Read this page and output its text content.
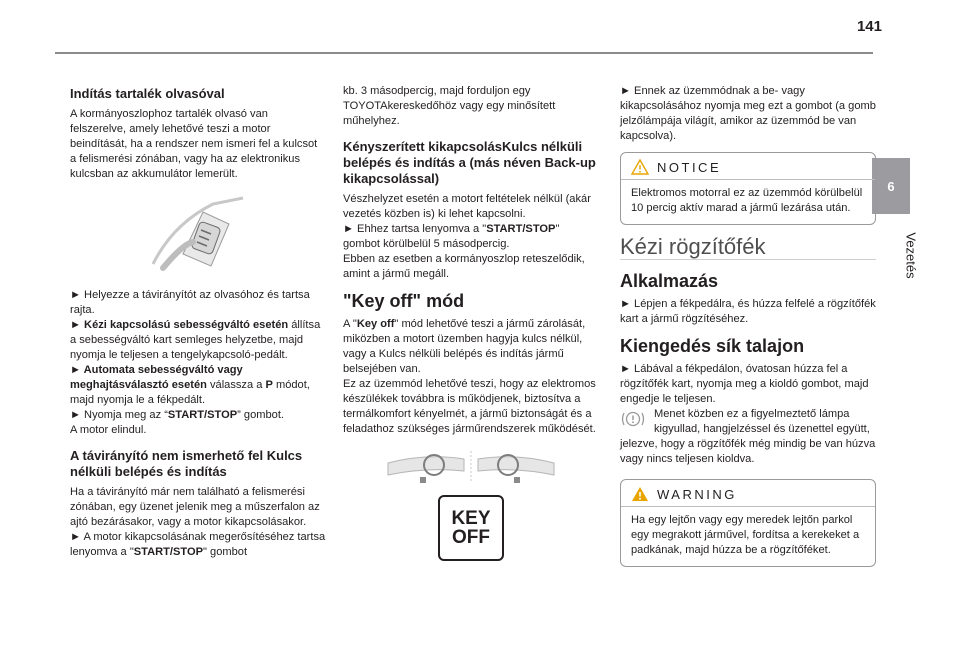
141
6
Vezetés
Indítás tartalék olvasóval

A kormányoszlophoz tartalék olvasó van felszerelve, amely lehetővé teszi a motor beindítását, ha a rendszer nem ismeri fel a kulcsot a felismerési zónában, vagy ha az elektronikus kulcsban az akkumulátor lemerült.

► Helyezze a távirányítót az olvasóhoz és tartsa rajta.

► Kézi kapcsolású sebességváltó esetén állítsa a sebességváltó kart semleges helyzetbe, majd nyomja le teljesen a tengelykapcsoló-pedált.

► Automata sebességváltó vagy meghajtásválasztó esetén válassza a P módot, majd nyomja le a fékpedált.

► Nyomja meg az “START/STOP” gombot.

A motor elindul.

A távirányító nem ismerhető fel Kulcs nélküli belépés és indítás

Ha a távirányító már nem található a felismerési zónában, egy üzenet jelenik meg a műszerfalon az ajtó bezárásakor, vagy a motor kikapcsolásakor.

► A motor kikapcsolásának megerősítéséhez tartsa lenyomva a "START/STOP" gombot

kb. 3 másodpercig, majd forduljon egy TOYOTAkereskedőhöz vagy egy minősített műhelyhez.

Kényszerített kikapcsolásKulcs nélküli belépés és indítás a (más néven Back-up kikapcsolással)

Vészhelyzet esetén a motort feltételek nélkül (akár vezetés közben is) ki lehet kapcsolni.

► Ehhez tartsa lenyomva a "START/STOP" gombot körülbelül 5 másodpercig.

Ebben az esetben a kormányoszlop reteszelődik, amint a jármű megáll.

"Key off" mód

A "Key off" mód lehetővé teszi a jármű zárolását, miközben a motort üzemben hagyja kulcs nélkül, vagy a Kulcs nélküli belépés és indítás jármű belsejében van.

Ez az üzemmód lehetővé teszi, hogy az elektromos készülékek továbbra is működjenek, biztosítva a termálkomfort kényelmét, a jármű biztonságát és a feladathoz szükséges járműrendszerek működését.

KEY
OFF

► Ennek az üzemmódnak a be- vagy kikapcsolásához nyomja meg ezt a gombot (a gomb jelzőlámpája világít, amikor az üzemmód be van kapcsolva).

NOTICE

Elektromos motorral ez az üzemmód körülbelül 10 percig aktív marad a jármű lezárása után.

Kézi rögzítőfék
Alkalmazás

► Lépjen a fékpedálra, és húzza felfelé a rögzítőfék kart a jármű rögzítéséhez.

Kiengedés sík talajon

► Lábával a fékpedálon, óvatosan húzza fel a rögzítőfék kart, nyomja meg a kioldó gombot, majd engedje le teljesen.

Menet közben ez a figyelmeztető lámpa kigyullad, hangjelzéssel és üzenettel együtt, jelezve, hogy a rögzítőfék még mindig be van húzva vagy nincs teljesen kioldva.

WARNING

Ha egy lejtőn vagy egy meredek lejtőn parkol egy megrakott járművel, fordítsa a kerekeket a padkának, majd húzza be a rögzítőféket.
